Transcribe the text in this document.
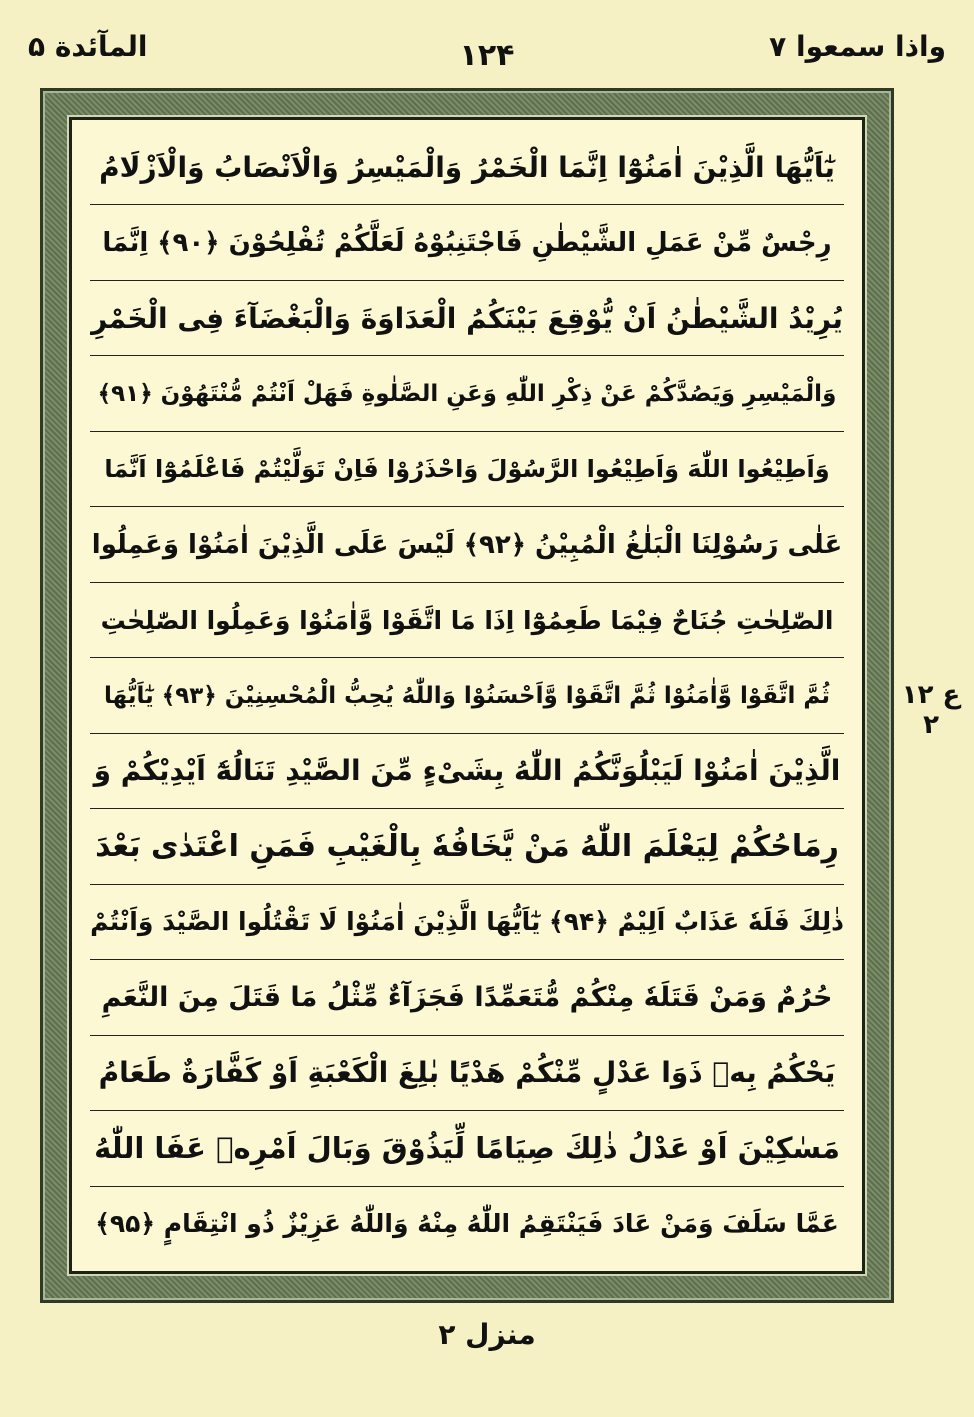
واذا سمعوا ۷
۱۲۴
المآئدة ۵
يٰٓاَيُّهَا الَّذِيْنَ اٰمَنُوْٓا اِنَّمَا الْخَمْرُ وَالْمَيْسِرُ وَالْاَنْصَابُ وَالْاَزْلَامُ
رِجْسٌ مِّنْ عَمَلِ الشَّيْطٰنِ فَاجْتَنِبُوْهُ لَعَلَّكُمْ تُفْلِحُوْنَ ﴿۹۰﴾ اِنَّمَا
يُرِيْدُ الشَّيْطٰنُ اَنْ يُّوْقِعَ بَيْنَكُمُ الْعَدَاوَةَ وَالْبَغْضَآءَ فِى الْخَمْرِ
وَالْمَيْسِرِ وَيَصُدَّكُمْ عَنْ ذِكْرِ اللّٰهِ وَعَنِ الصَّلٰوةِ فَهَلْ اَنْتُمْ مُّنْتَهُوْنَ ﴿۹۱﴾
وَاَطِيْعُوا اللّٰهَ وَاَطِيْعُوا الرَّسُوْلَ وَاحْذَرُوْا فَاِنْ تَوَلَّيْتُمْ فَاعْلَمُوْٓا اَنَّمَا
عَلٰى رَسُوْلِنَا الْبَلٰغُ الْمُبِيْنُ ﴿۹۲﴾ لَيْسَ عَلَى الَّذِيْنَ اٰمَنُوْا وَعَمِلُوا
الصّٰلِحٰتِ جُنَاحٌ فِيْمَا طَعِمُوْٓا اِذَا مَا اتَّقَوْا وَّاٰمَنُوْا وَعَمِلُوا الصّٰلِحٰتِ
ثُمَّ اتَّقَوْا وَّاٰمَنُوْا ثُمَّ اتَّقَوْا وَّاَحْسَنُوْا وَاللّٰهُ يُحِبُّ الْمُحْسِنِيْنَ ﴿۹۳﴾ يٰٓاَيُّهَا
الَّذِيْنَ اٰمَنُوْا لَيَبْلُوَنَّكُمُ اللّٰهُ بِشَىْءٍ مِّنَ الصَّيْدِ تَنَالُهٗٓ اَيْدِيْكُمْ وَ
رِمَاحُكُمْ لِيَعْلَمَ اللّٰهُ مَنْ يَّخَافُهٗ بِالْغَيْبِ فَمَنِ اعْتَدٰى بَعْدَ
ذٰلِكَ فَلَهٗ عَذَابٌ اَلِيْمٌ ﴿۹۴﴾ يٰٓاَيُّهَا الَّذِيْنَ اٰمَنُوْا لَا تَقْتُلُوا الصَّيْدَ وَاَنْتُمْ
حُرُمٌ وَمَنْ قَتَلَهٗ مِنْكُمْ مُّتَعَمِّدًا فَجَزَآءٌ مِّثْلُ مَا قَتَلَ مِنَ النَّعَمِ
يَحْكُمُ بِهٖ ذَوَا عَدْلٍ مِّنْكُمْ هَدْيًا بٰلِغَ الْكَعْبَةِ اَوْ كَفَّارَةٌ طَعَامُ
مَسٰكِيْنَ اَوْ عَدْلُ ذٰلِكَ صِيَامًا لِّيَذُوْقَ وَبَالَ اَمْرِهٖ عَفَا اللّٰهُ
عَمَّا سَلَفَ وَمَنْ عَادَ فَيَنْتَقِمُ اللّٰهُ مِنْهُ وَاللّٰهُ عَزِيْزٌ ذُو انْتِقَامٍ ﴿۹۵﴾
ع ۱۲ ۲
منزل ۲
